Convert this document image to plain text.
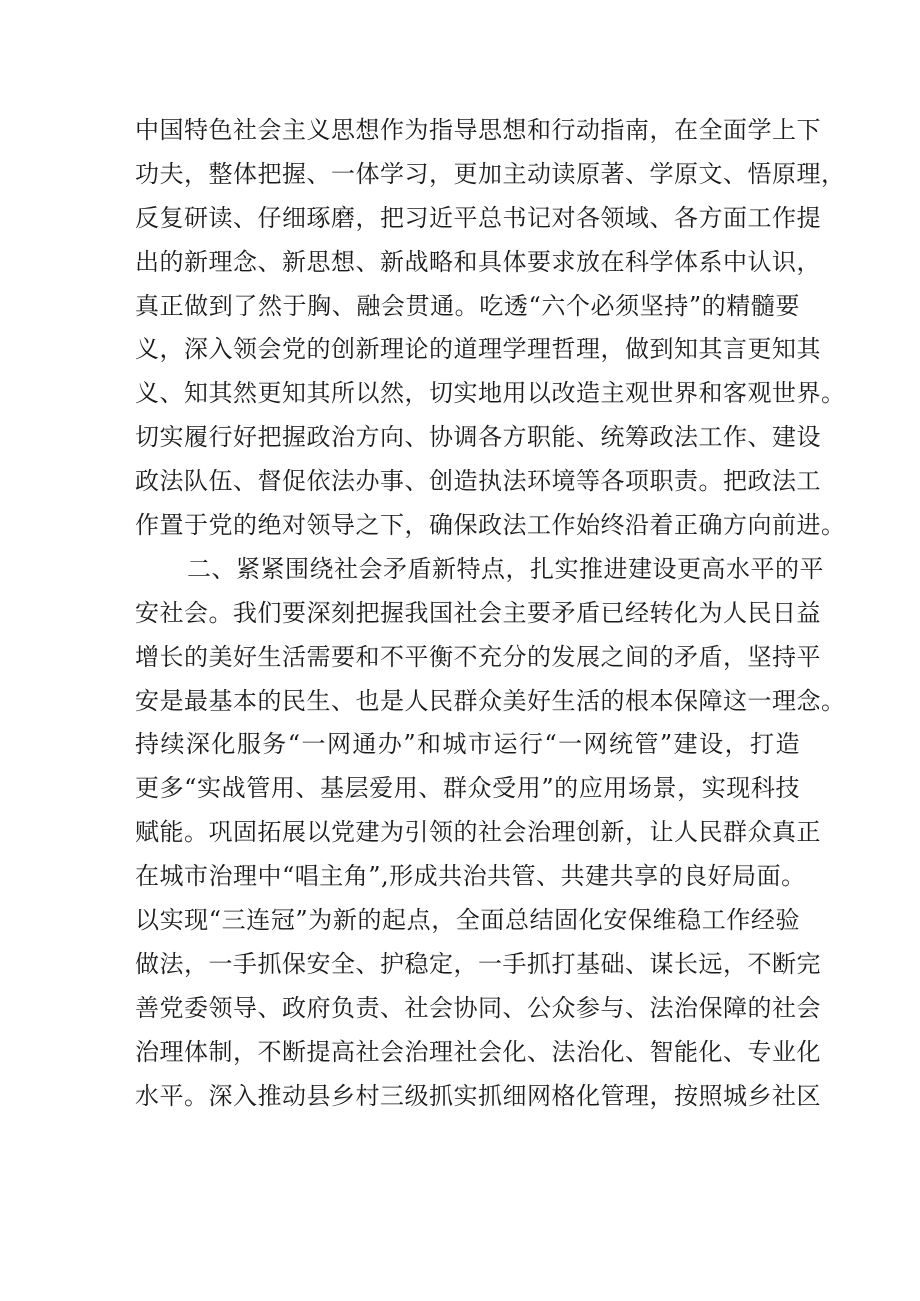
中国特色社会主义思想作为指导思想和行动指南，在全面学上下
功夫，整体把握、一体学习，更加主动读原著、学原文、悟原理，
反复研读、仔细琢磨，把习近平总书记对各领域、各方面工作提
出的新理念、新思想、新战略和具体要求放在科学体系中认识，
真正做到了然于胸、融会贯通。吃透“六个必须坚持”的精髓要
义，深入领会党的创新理论的道理学理哲理，做到知其言更知其
义、知其然更知其所以然，切实地用以改造主观世界和客观世界。
切实履行好把握政治方向、协调各方职能、统筹政法工作、建设
政法队伍、督促依法办事、创造执法环境等各项职责。把政法工
作置于党的绝对领导之下，确保政法工作始终沿着正确方向前进。
二、紧紧围绕社会矛盾新特点，扎实推进建设更高水平的平
安社会。我们要深刻把握我国社会主要矛盾已经转化为人民日益
增长的美好生活需要和不平衡不充分的发展之间的矛盾，坚持平
安是最基本的民生、也是人民群众美好生活的根本保障这一理念。
持续深化服务“一网通办”和城市运行“一网统管”建设，打造
更多“实战管用、基层爱用、群众受用”的应用场景，实现科技
赋能。巩固拓展以党建为引领的社会治理创新，让人民群众真正
在城市治理中“唱主角”,形成共治共管、共建共享的良好局面。
以实现“三连冠”为新的起点，全面总结固化安保维稳工作经验
做法，一手抓保安全、护稳定，一手抓打基础、谋长远，不断完
善党委领导、政府负责、社会协同、公众参与、法治保障的社会
治理体制，不断提高社会治理社会化、法治化、智能化、专业化
水平。深入推动县乡村三级抓实抓细网格化管理，按照城乡社区
